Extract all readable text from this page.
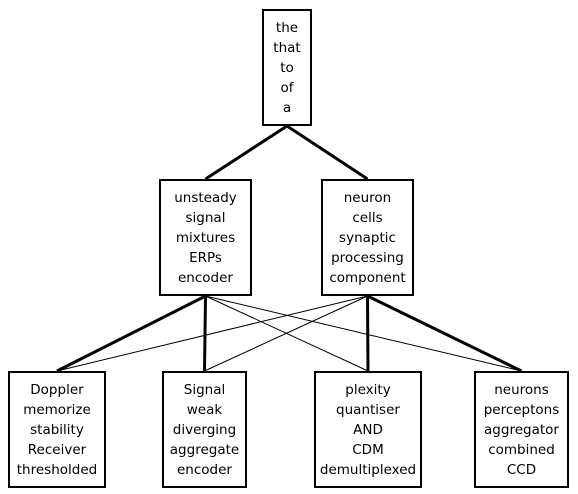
the
that
to
of
a
unsteady
signal
mixtures
ERPs
encoder
neuron
cells
synaptic
processing
component
Doppler
memorize
stability
Receiver
thresholded
Signal
weak
diverging
aggregate
encoder
plexity
quantiser
AND
CDM
demultiplexed
neurons
perceptons
aggregator
combined
CCD
